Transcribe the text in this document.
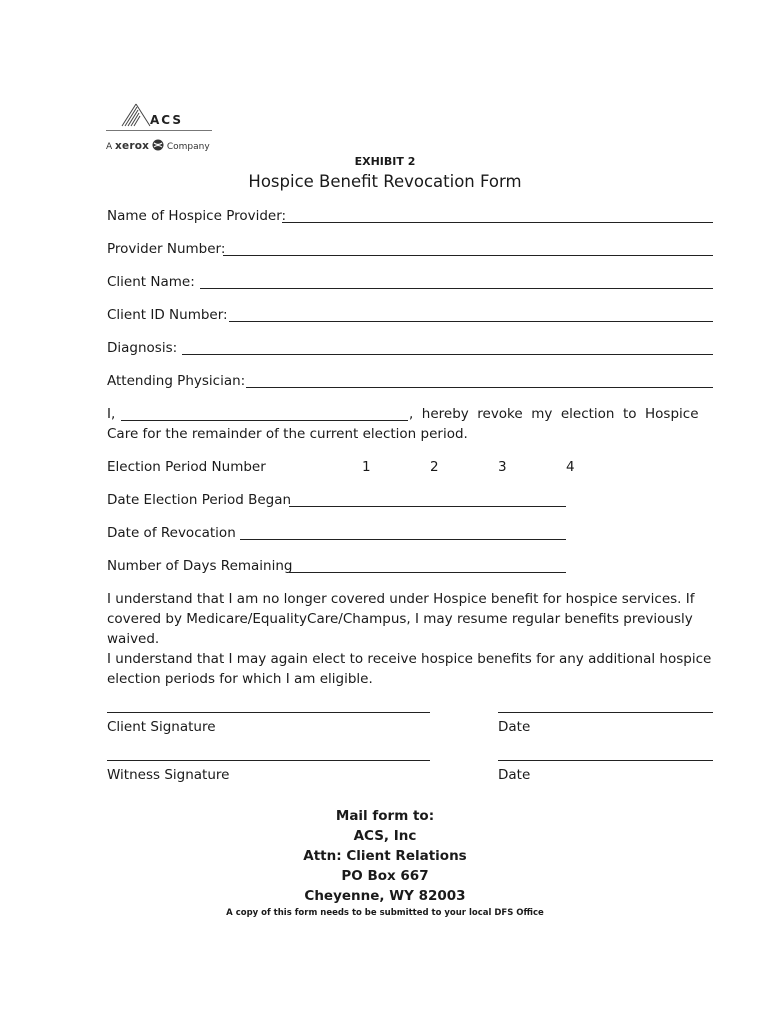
ACS
A xerox Company
EXHIBIT 2
Hospice Benefit Revocation Form
Name of Hospice Provider:
Provider Number:
Client Name:
Client ID Number:
Diagnosis:
Attending Physician:
I,	, hereby revoke my election to Hospice
Care for the remainder of the current election period.
Election Period Number	1	2	3	4
Date Election Period Began
Date of Revocation
Number of Days Remaining
I understand that I am no longer covered under Hospice benefit for hospice services. If
covered by Medicare/EqualityCare/Champus, I may resume regular benefits previously
waived.
I understand that I may again elect to receive hospice benefits for any additional hospice
election periods for which I am eligible.
Client Signature	Date
Witness Signature	Date
Mail form to:
ACS, Inc
Attn: Client Relations
PO Box 667
Cheyenne, WY 82003
A copy of this form needs to be submitted to your local DFS Office
